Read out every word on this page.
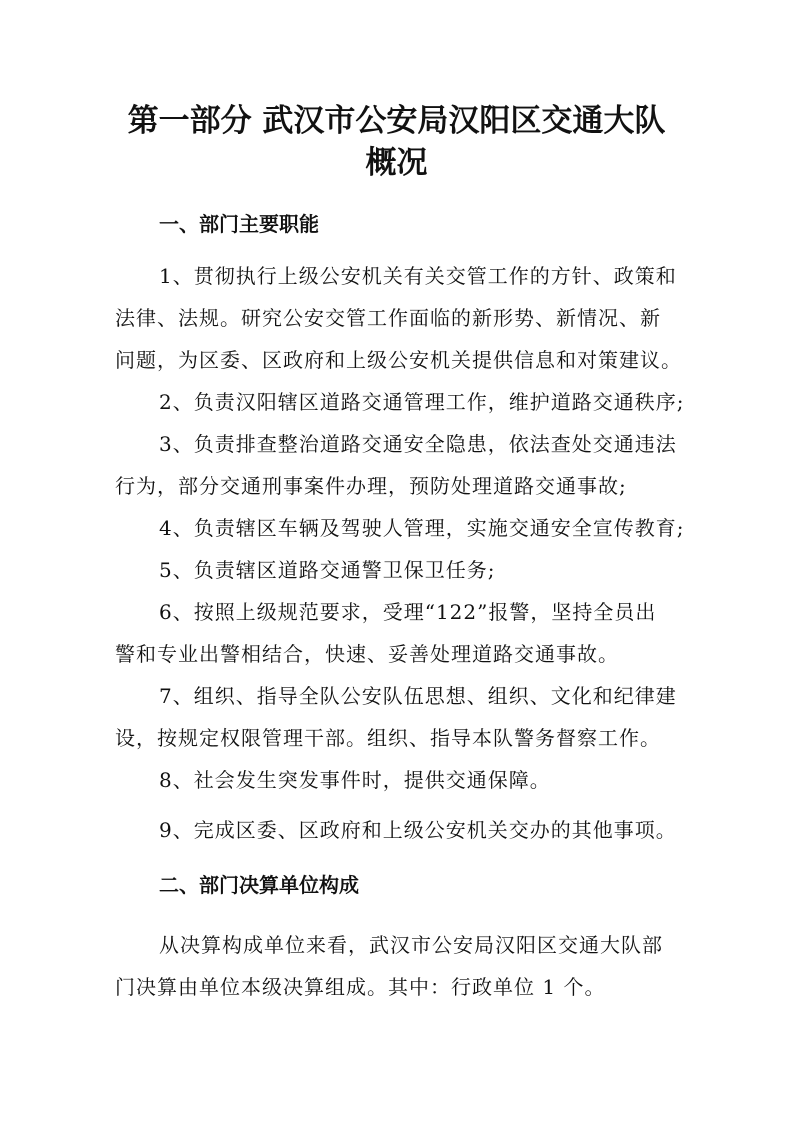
第一部分 武汉市公安局汉阳区交通大队
概况
一、部门主要职能

1、贯彻执行上级公安机关有关交管工作的方针、政策和

法律、法规。研究公安交管工作面临的新形势、新情况、新

问题，为区委、区政府和上级公安机关提供信息和对策建议。

2、负责汉阳辖区道路交通管理工作，维护道路交通秩序;

3、负责排查整治道路交通安全隐患，依法查处交通违法

行为，部分交通刑事案件办理，预防处理道路交通事故;

4、负责辖区车辆及驾驶人管理，实施交通安全宣传教育;

5、负责辖区道路交通警卫保卫任务;

6、按照上级规范要求，受理“122”报警，坚持全员出

警和专业出警相结合，快速、妥善处理道路交通事故。

7、组织、指导全队公安队伍思想、组织、文化和纪律建

设，按规定权限管理干部。组织、指导本队警务督察工作。

8、社会发生突发事件时，提供交通保障。

9、完成区委、区政府和上级公安机关交办的其他事项。

二、部门决算单位构成

从决算构成单位来看，武汉市公安局汉阳区交通大队部

门决算由单位本级决算组成。其中：行政单位 1 个。
